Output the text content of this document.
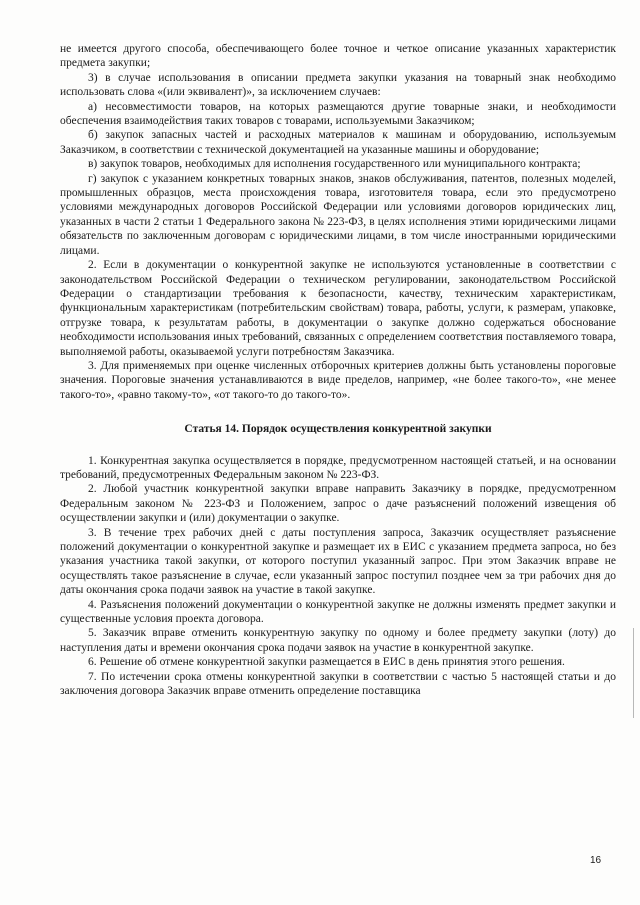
не имеется другого способа, обеспечивающего более точное и четкое описание указанных характеристик предмета закупки;

3) в случае использования в описании предмета закупки указания на товарный знак необходимо использовать слова «(или эквивалент)», за исключением случаев:

а) несовместимости товаров, на которых размещаются другие товарные знаки, и необходимости обеспечения взаимодействия таких товаров с товарами, используемыми Заказчиком;

б) закупок запасных частей и расходных материалов к машинам и оборудованию, используемым Заказчиком, в соответствии с технической документацией на указанные машины и оборудование;

в) закупок товаров, необходимых для исполнения государственного или муниципального контракта;

г) закупок с указанием конкретных товарных знаков, знаков обслуживания, патентов, полезных моделей, промышленных образцов, места происхождения товара, изготовителя товара, если это предусмотрено условиями международных договоров Российской Федерации или условиями договоров юридических лиц, указанных в части 2 статьи 1 Федерального закона № 223-ФЗ, в целях исполнения этими юридическими лицами обязательств по заключенным договорам с юридическими лицами, в том числе иностранными юридическими лицами.

2. Если в документации о конкурентной закупке не используются установленные в соответствии с законодательством Российской Федерации о техническом регулировании, законодательством Российской Федерации о стандартизации требования к безопасности, качеству, техническим характеристикам, функциональным характеристикам (потребительским свойствам) товара, работы, услуги, к размерам, упаковке, отгрузке товара, к результатам работы, в документации о закупке должно содержаться обоснование необходимости использования иных требований, связанных с определением соответствия поставляемого товара, выполняемой работы, оказываемой услуги потребностям Заказчика.

3. Для применяемых при оценке численных отборочных критериев должны быть установлены пороговые значения. Пороговые значения устанавливаются в виде пределов, например, «не более такого-то», «не менее такого-то», «равно такому-то», «от такого-то до такого-то».

Статья 14. Порядок осуществления конкурентной закупки

1. Конкурентная закупка осуществляется в порядке, предусмотренном настоящей статьей, и на основании требований, предусмотренных Федеральным законом № 223-ФЗ.

2. Любой участник конкурентной закупки вправе направить Заказчику в порядке, предусмотренном Федеральным законом № 223-ФЗ и Положением, запрос о даче разъяснений положений извещения об осуществлении закупки и (или) документации о закупке.

3. В течение трех рабочих дней с даты поступления запроса, Заказчик осуществляет разъяснение положений документации о конкурентной закупке и размещает их в ЕИС с указанием предмета запроса, но без указания участника такой закупки, от которого поступил указанный запрос. При этом Заказчик вправе не осуществлять такое разъяснение в случае, если указанный запрос поступил позднее чем за три рабочих дня до даты окончания срока подачи заявок на участие в такой закупке.

4. Разъяснения положений документации о конкурентной закупке не должны изменять предмет закупки и существенные условия проекта договора.

5. Заказчик вправе отменить конкурентную закупку по одному и более предмету закупки (лоту) до наступления даты и времени окончания срока подачи заявок на участие в конкурентной закупке.

6. Решение об отмене конкурентной закупки размещается в ЕИС в день принятия этого решения.

7. По истечении срока отмены конкурентной закупки в соответствии с частью 5 настоящей статьи и до заключения договора Заказчик вправе отменить определение поставщика

16
